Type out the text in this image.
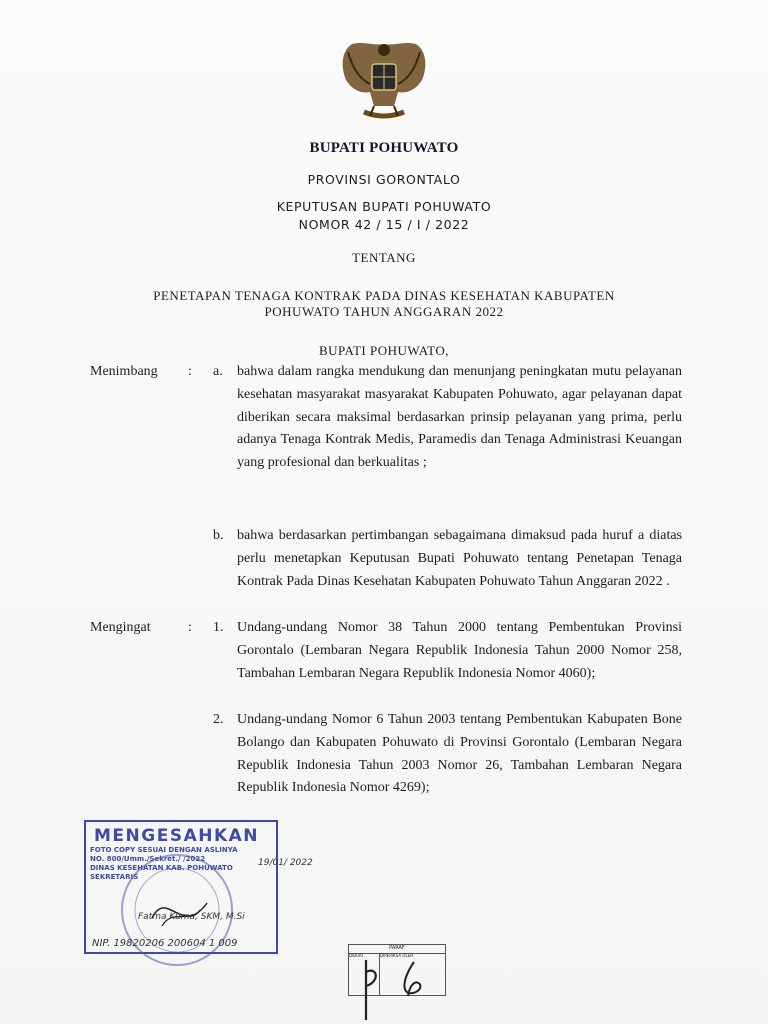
BUPATI POHUWATO
PROVINSI GORONTALO
KEPUTUSAN BUPATI POHUWATO
NOMOR 42 / 15 / I / 2022
TENTANG
PENETAPAN TENAGA KONTRAK PADA DINAS KESEHATAN KABUPATEN
POHUWATO TAHUN ANGGARAN 2022
BUPATI POHUWATO,
Menimbang : a. bahwa dalam rangka mendukung dan menunjang peningkatan mutu pelayanan kesehatan masyarakat masyarakat Kabupaten Pohuwato, agar pelayanan dapat diberikan secara maksimal berdasarkan prinsip pelayanan yang prima, perlu adanya Tenaga Kontrak Medis, Paramedis dan Tenaga Administrasi Keuangan yang profesional dan berkualitas ;
b. bahwa berdasarkan pertimbangan sebagaimana dimaksud pada huruf a diatas perlu menetapkan Keputusan Bupati Pohuwato tentang Penetapan Tenaga Kontrak Pada Dinas Kesehatan Kabupaten Pohuwato Tahun Anggaran 2022 .
Mengingat	: 1. Undang-undang Nomor 38 Tahun 2000 tentang Pembentukan Provinsi Gorontalo (Lembaran Negara Republik Indonesia Tahun 2000 Nomor 258, Tambahan Lembaran Negara Republik Indonesia Nomor 4060);
2. Undang-undang Nomor 6 Tahun 2003 tentang Pembentukan Kabupaten Bone Bolango dan Kabupaten Pohuwato di Provinsi Gorontalo (Lembaran Negara Republik Indonesia Tahun 2003 Nomor 26, Tambahan Lembaran Negara Republik Indonesia Nomor 4269);
MENGESAHKAN
FOTO COPY SESUAI DENGAN ASLINYA
NO. 800/Umm./Sekret./ /2022
DINAS KESEHATAN KAB. POHUWATO
SEKRETARIS
19/01/ 2022
Fatma Kuma, SKM, M.Si
NIP. 19820206 200604 1 009	PARAF
DIBUAT	DIPERIKSA OLEH
